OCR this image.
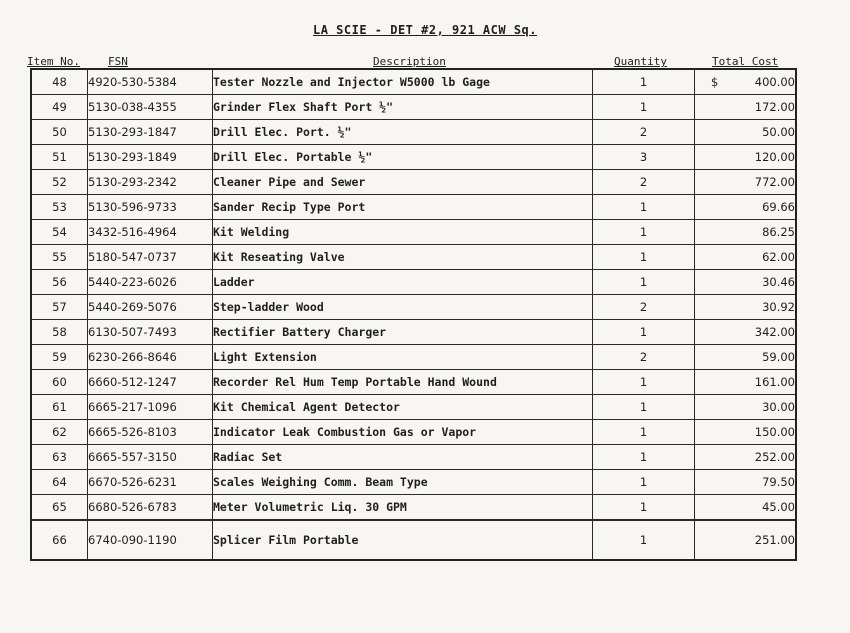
LA SCIE - DET #2, 921 ACW Sq.
Item No.	FSN	Description	Quantity	Total Cost
48	4920-530-5384	Tester Nozzle and Injector W5000 lb Gage	1	$ 400.00
49	5130-038-4355	Grinder Flex Shaft Port ½"	1	172.00
50	5130-293-1847	Drill Elec. Port. ½"	2	50.00
51	5130-293-1849	Drill Elec. Portable ½"	3	120.00
52	5130-293-2342	Cleaner Pipe and Sewer	2	772.00
53	5130-596-9733	Sander Recip Type Port	1	69.66
54	3432-516-4964	Kit Welding	1	86.25
55	5180-547-0737	Kit Reseating Valve	1	62.00
56	5440-223-6026	Ladder	1	30.46
57	5440-269-5076	Step-ladder Wood	2	30.92
58	6130-507-7493	Rectifier Battery Charger	1	342.00
59	6230-266-8646	Light Extension	2	59.00
60	6660-512-1247	Recorder Rel Hum Temp Portable Hand Wound	1	161.00
61	6665-217-1096	Kit Chemical Agent Detector	1	30.00
62	6665-526-8103	Indicator Leak Combustion Gas or Vapor	1	150.00
63	6665-557-3150	Radiac Set	1	252.00
64	6670-526-6231	Scales Weighing Comm. Beam Type	1	79.50
65	6680-526-6783	Meter Volumetric Liq. 30 GPM	1	45.00
66	6740-090-1190	Splicer Film Portable	1	251.00
